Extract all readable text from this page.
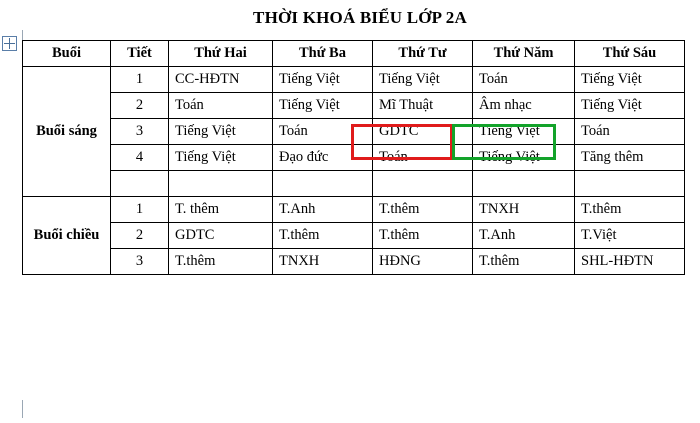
THỜI KHOÁ BIỂU LỚP 2A
Buổi	Tiết	Thứ Hai	Thứ Ba	Thứ Tư	Thứ Năm	Thứ Sáu
Buổi sáng	1	CC-HĐTN	Tiếng Việt	Tiếng Việt	Toán	Tiếng Việt
	2	Toán	Tiếng Việt	Mĩ Thuật	Âm nhạc	Tiếng Việt
	3	Tiếng Việt	Toán	GDTC	Tiếng Việt	Toán
	4	Tiếng Việt	Đạo đức	Toán	Tiếng Việt	Tăng thêm

Buổi chiều	1	T. thêm	T.Anh	T.thêm	TNXH	T.thêm
	2	GDTC	T.thêm	T.thêm	T.Anh	T.Việt
	3	T.thêm	TNXH	HĐNG	T.thêm	SHL-HĐTN
